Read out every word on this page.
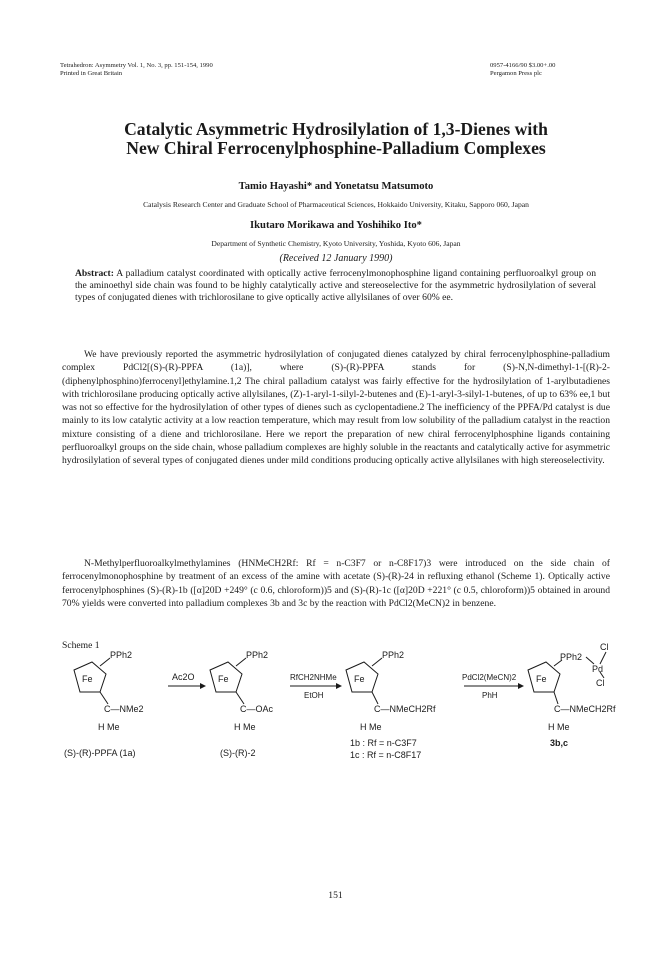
Tetrahedron: Asymmetry Vol. 1, No. 3, pp. 151-154, 1990
Printed in Great Britain
0957-4166/90 $3.00+.00
Pergamon Press plc
Catalytic Asymmetric Hydrosilylation of 1,3-Dienes with
New Chiral Ferrocenylphosphine-Palladium Complexes
Tamio Hayashi* and Yonetatsu Matsumoto
Catalysis Research Center and Graduate School of Pharmaceutical Sciences, Hokkaido University, Kitaku, Sapporo 060, Japan
Ikutaro Morikawa and Yoshihiko Ito*
Department of Synthetic Chemistry, Kyoto University, Yoshida, Kyoto 606, Japan
(Received 12 January 1990)
Abstract: A palladium catalyst coordinated with optically active ferrocenylmonophosphine ligand containing perfluoroalkyl group on the aminoethyl side chain was found to be highly catalytically active and stereoselective for the asymmetric hydrosilylation of several types of conjugated dienes with trichlorosilane to give optically active allylsilanes of over 60% ee.

We have previously reported the asymmetric hydrosilylation of conjugated dienes catalyzed by chiral ferrocenylphosphine-palladium complex PdCl2[(S)-(R)-PPFA (1a)], where (S)-(R)-PPFA stands for (S)-N,N-dimethyl-1-[(R)-2-(diphenylphosphino)ferrocenyl]ethylamine.1,2 The chiral palladium catalyst was fairly effective for the hydrosilylation of 1-arylbutadienes with trichlorosilane producing optically active allylsilanes, (Z)-1-aryl-1-silyl-2-butenes and (E)-1-aryl-3-silyl-1-butenes, of up to 63% ee,1 but was not so effective for the hydrosilylation of other types of dienes such as cyclopentadiene.2 The inefficiency of the PPFA/Pd catalyst is due mainly to its low catalytic activity at a low reaction temperature, which may result from low solubility of the palladium catalyst in the reaction mixture consisting of a diene and trichlorosilane. Here we report the preparation of new chiral ferrocenylphosphine ligands containing perfluoroalkyl groups on the side chain, whose palladium complexes are highly soluble in the reactants and catalytically active for asymmetric hydrosilylation of several types of conjugated dienes under mild conditions producing optically active allylsilanes with high stereoselectivity.

N-Methylperfluoroalkylmethylamines (HNMeCH2Rf: Rf = n-C3F7 or n-C8F17)3 were introduced on the side chain of ferrocenylmonophosphine by treatment of an excess of the amine with acetate (S)-(R)-24 in refluxing ethanol (Scheme 1). Optically active ferrocenylphosphines (S)-(R)-1b ([α]20D +249° (c 0.6, chloroform))5 and (S)-(R)-1c ([α]20D +221° (c 0.5, chloroform))5 obtained in around 70% yields were converted into palladium complexes 3b and 3c by the reaction with PdCl2(MeCN)2 in benzene.

Scheme 1
Fe
PPh2
C—NMe2
H Me
(S)-(R)-PPFA (1a)
Ac2O	Fe
PPh2
C—OAc
H Me
(S)-(R)-2
RfCH2NHMe
EtOH
Fe
PPh2
C—NMeCH2Rf
H Me
1b : Rf = n-C3F7
1c : Rf = n-C8F17
PdCl2(MeCN)2
PhH
Fe
PPh2
Pd
Cl
Cl
C—NMeCH2Rf
H Me
3b,c
151
